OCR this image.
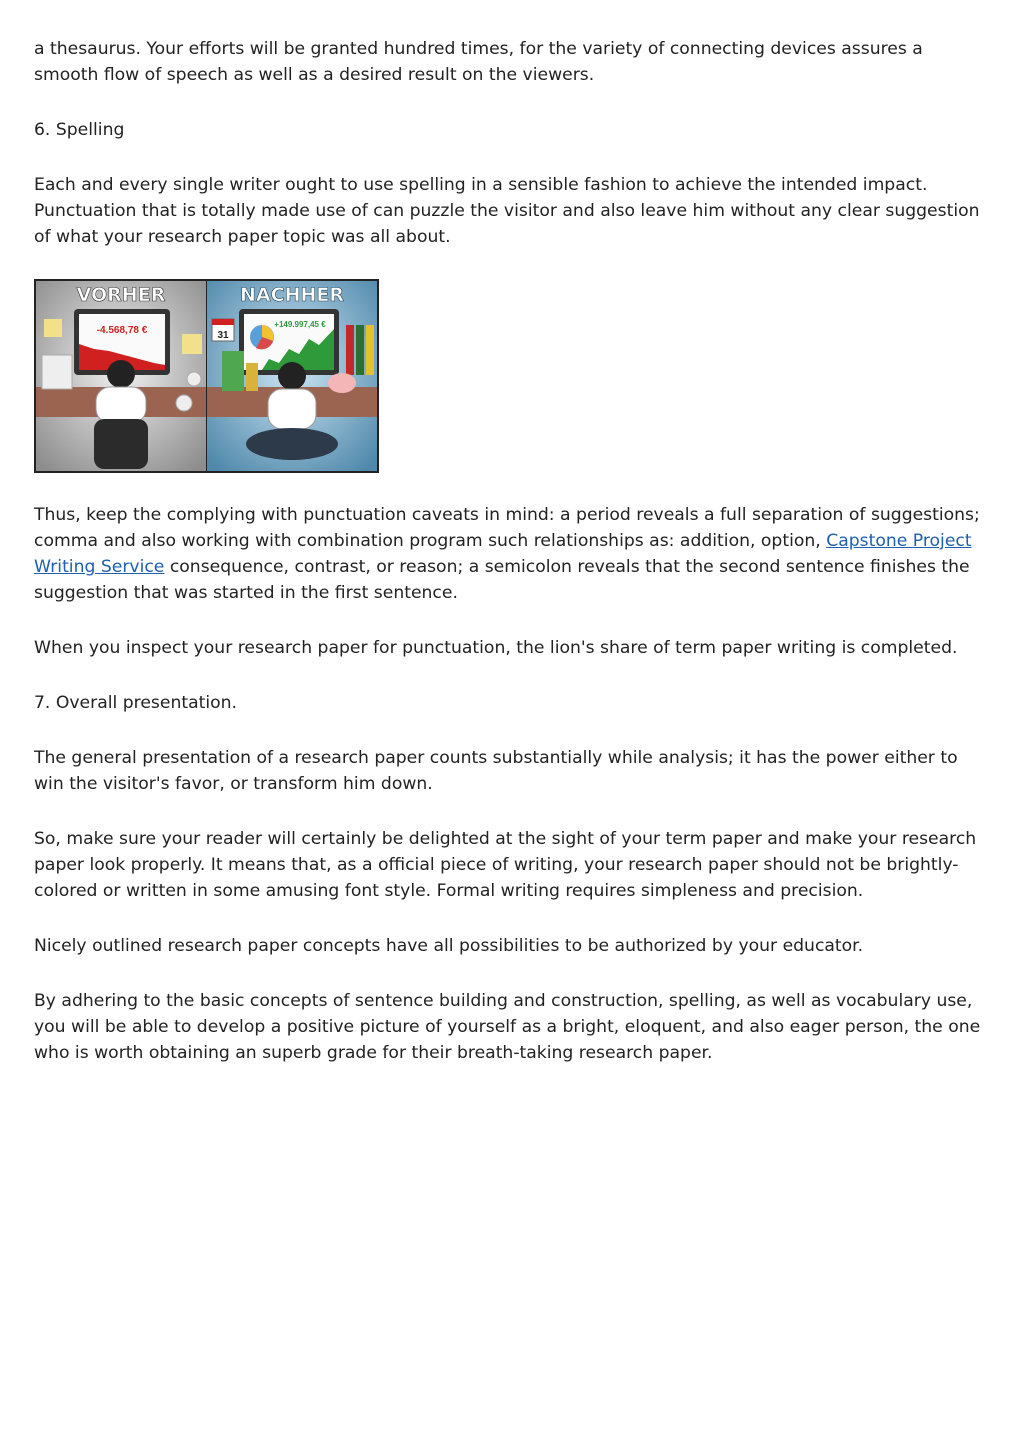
a thesaurus. Your efforts will be granted hundred times, for the variety of connecting devices assures a smooth flow of speech as well as a desired result on the viewers.

6. Spelling

Each and every single writer ought to use spelling in a sensible fashion to achieve the intended impact. Punctuation that is totally made use of can puzzle the visitor and also leave him without any clear suggestion of what your research paper topic was all about.

-4.568,78 €
+149.997,45 €
31
VORHER	NACHHER

Thus, keep the complying with punctuation caveats in mind: a period reveals a full separation of suggestions; comma and also working with combination program such relationships as: addition, option, Capstone Project Writing Service consequence, contrast, or reason; a semicolon reveals that the second sentence finishes the suggestion that was started in the first sentence.

When you inspect your research paper for punctuation, the lion's share of term paper writing is completed.

7. Overall presentation.

The general presentation of a research paper counts substantially while analysis; it has the power either to win the visitor's favor, or transform him down.

So, make sure your reader will certainly be delighted at the sight of your term paper and make your research paper look properly. It means that, as a official piece of writing, your research paper should not be brightly-colored or written in some amusing font style. Formal writing requires simpleness and precision.

Nicely outlined research paper concepts have all possibilities to be authorized by your educator.

By adhering to the basic concepts of sentence building and construction, spelling, as well as vocabulary use, you will be able to develop a positive picture of yourself as a bright, eloquent, and also eager person, the one who is worth obtaining an superb grade for their breath-taking research paper.
